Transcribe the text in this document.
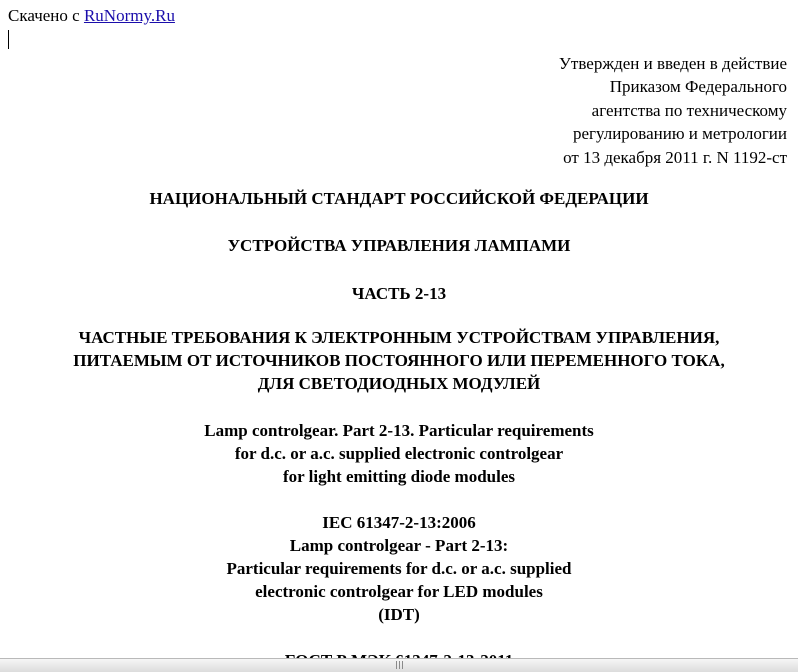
Скачено с RuNormy.Ru
Утвержден и введен в действие
Приказом Федерального
агентства по техническому
регулированию и метрологии
от 13 декабря 2011 г. N 1192-ст
НАЦИОНАЛЬНЫЙ СТАНДАРТ РОССИЙСКОЙ ФЕДЕРАЦИИ
УСТРОЙСТВА УПРАВЛЕНИЯ ЛАМПАМИ
ЧАСТЬ 2-13
ЧАСТНЫЕ ТРЕБОВАНИЯ К ЭЛЕКТРОННЫМ УСТРОЙСТВАМ УПРАВЛЕНИЯ,
ПИТАЕМЫМ ОТ ИСТОЧНИКОВ ПОСТОЯННОГО ИЛИ ПЕРЕМЕННОГО ТОКА,
ДЛЯ СВЕТОДИОДНЫХ МОДУЛЕЙ
Lamp controlgear. Part 2-13. Particular requirements
for d.c. or a.c. supplied electronic controlgear
for light emitting diode modules
IEC 61347-2-13:2006
Lamp controlgear - Part 2-13:
Particular requirements for d.c. or a.c. supplied
electronic controlgear for LED modules
(IDT)
